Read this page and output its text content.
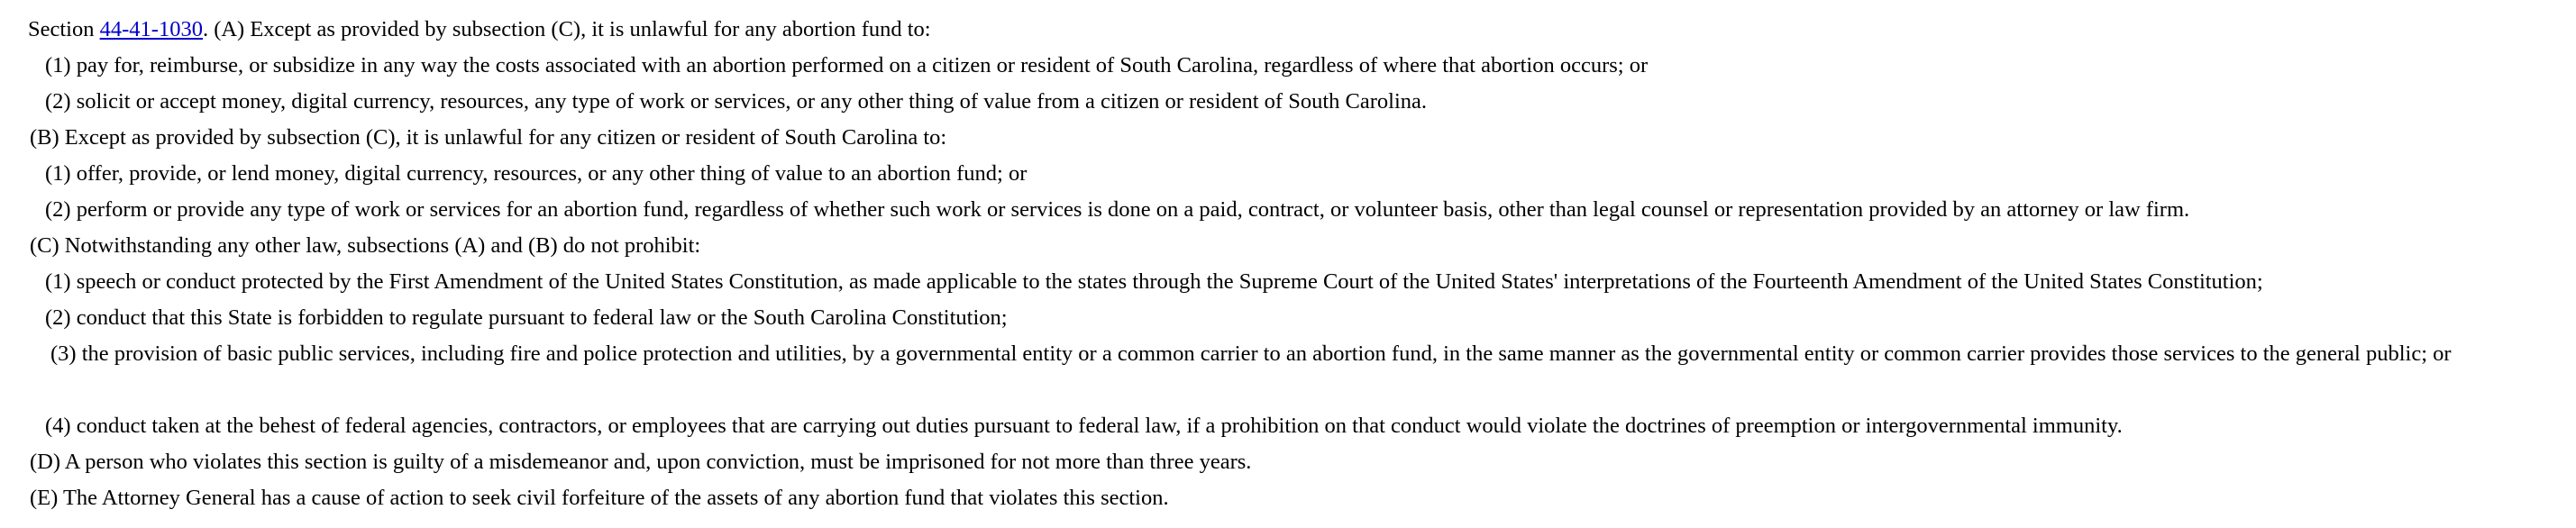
Section 44-41-1030. (A) Except as provided by subsection (C), it is unlawful for any abortion fund to:
(1) pay for, reimburse, or subsidize in any way the costs associated with an abortion performed on a citizen or resident of South Carolina, regardless of where that abortion occurs; or
(2) solicit or accept money, digital currency, resources, any type of work or services, or any other thing of value from a citizen or resident of South Carolina.
(B) Except as provided by subsection (C), it is unlawful for any citizen or resident of South Carolina to:
(1) offer, provide, or lend money, digital currency, resources, or any other thing of value to an abortion fund; or
(2) perform or provide any type of work or services for an abortion fund, regardless of whether such work or services is done on a paid, contract, or volunteer basis, other than legal counsel or representation provided by an attorney or law firm.
(C) Notwithstanding any other law, subsections (A) and (B) do not prohibit:
(1) speech or conduct protected by the First Amendment of the United States Constitution, as made applicable to the states through the Supreme Court of the United States' interpretations of the Fourteenth Amendment of the United States Constitution;
(2) conduct that this State is forbidden to regulate pursuant to federal law or the South Carolina Constitution;
(3) the provision of basic public services, including fire and police protection and utilities, by a governmental entity or a common carrier to an abortion fund, in the same manner as the governmental entity or common carrier provides those services to the general public; or
(4) conduct taken at the behest of federal agencies, contractors, or employees that are carrying out duties pursuant to federal law, if a prohibition on that conduct would violate the doctrines of preemption or intergovernmental immunity.
(D) A person who violates this section is guilty of a misdemeanor and, upon conviction, must be imprisoned for not more than three years.
(E) The Attorney General has a cause of action to seek civil forfeiture of the assets of any abortion fund that violates this section.
